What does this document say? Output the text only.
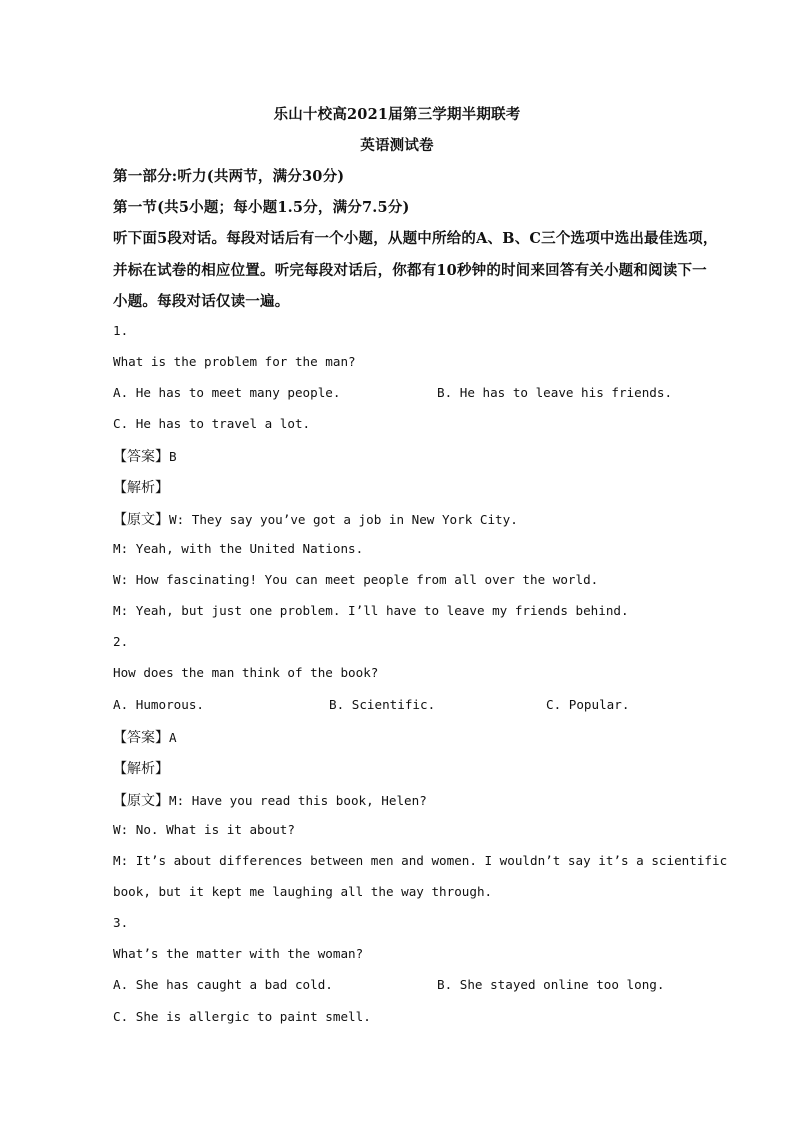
乐山十校高2021届第三学期半期联考
英语测试卷
第一部分:听力(共两节，满分30分)
第一节(共5小题；每小题1.5分，满分7.5分)
听下面5段对话。每段对话后有一个小题，从题中所给的A、B、C三个选项中选出最佳选项，
并标在试卷的相应位置。听完每段对话后，你都有10秒钟的时间来回答有关小题和阅读下一
小题。每段对话仅读一遍。
1.
What is the problem for the man?
A. He has to meet many people.	B. He has to leave his friends.
C. He has to travel a lot.
【答案】B
【解析】
【原文】W: They say you’ve got a job in New York City.
M: Yeah, with the United Nations.
W: How fascinating! You can meet people from all over the world.
M: Yeah, but just one problem. I’ll have to leave my friends behind.
2.
How does the man think of the book?
A. Humorous.	B. Scientific.	C. Popular.
【答案】A
【解析】
【原文】M: Have you read this book, Helen?
W: No. What is it about?
M: It’s about differences between men and women. I wouldn’t say it’s a scientific
book, but it kept me laughing all the way through.
3.
What’s the matter with the woman?
A. She has caught a bad cold.	B. She stayed online too long.
C. She is allergic to paint smell.
